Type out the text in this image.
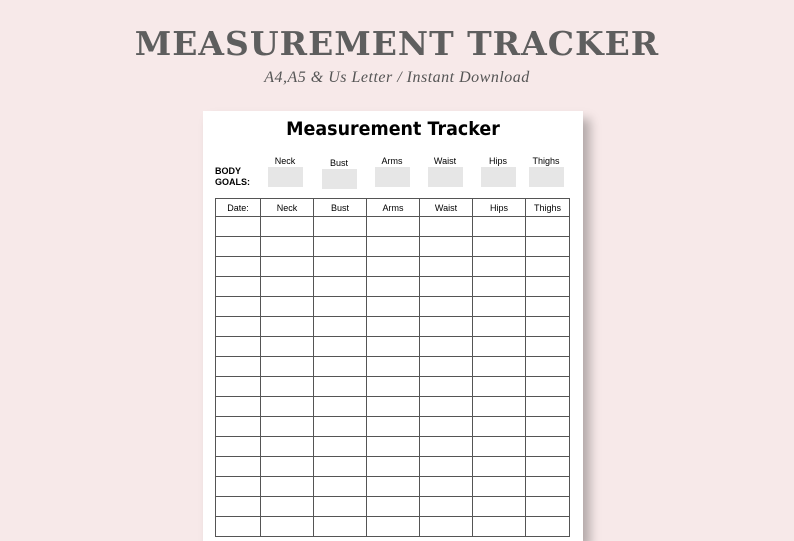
MEASUREMENT TRACKER
A4,A5 & Us Letter / Instant Download
Measurement Tracker
BODY
GOALS:
Neck	Bust	Arms	Waist	Hips	Thighs
Date:	Neck	Bust	Arms	Waist	Hips	Thighs
